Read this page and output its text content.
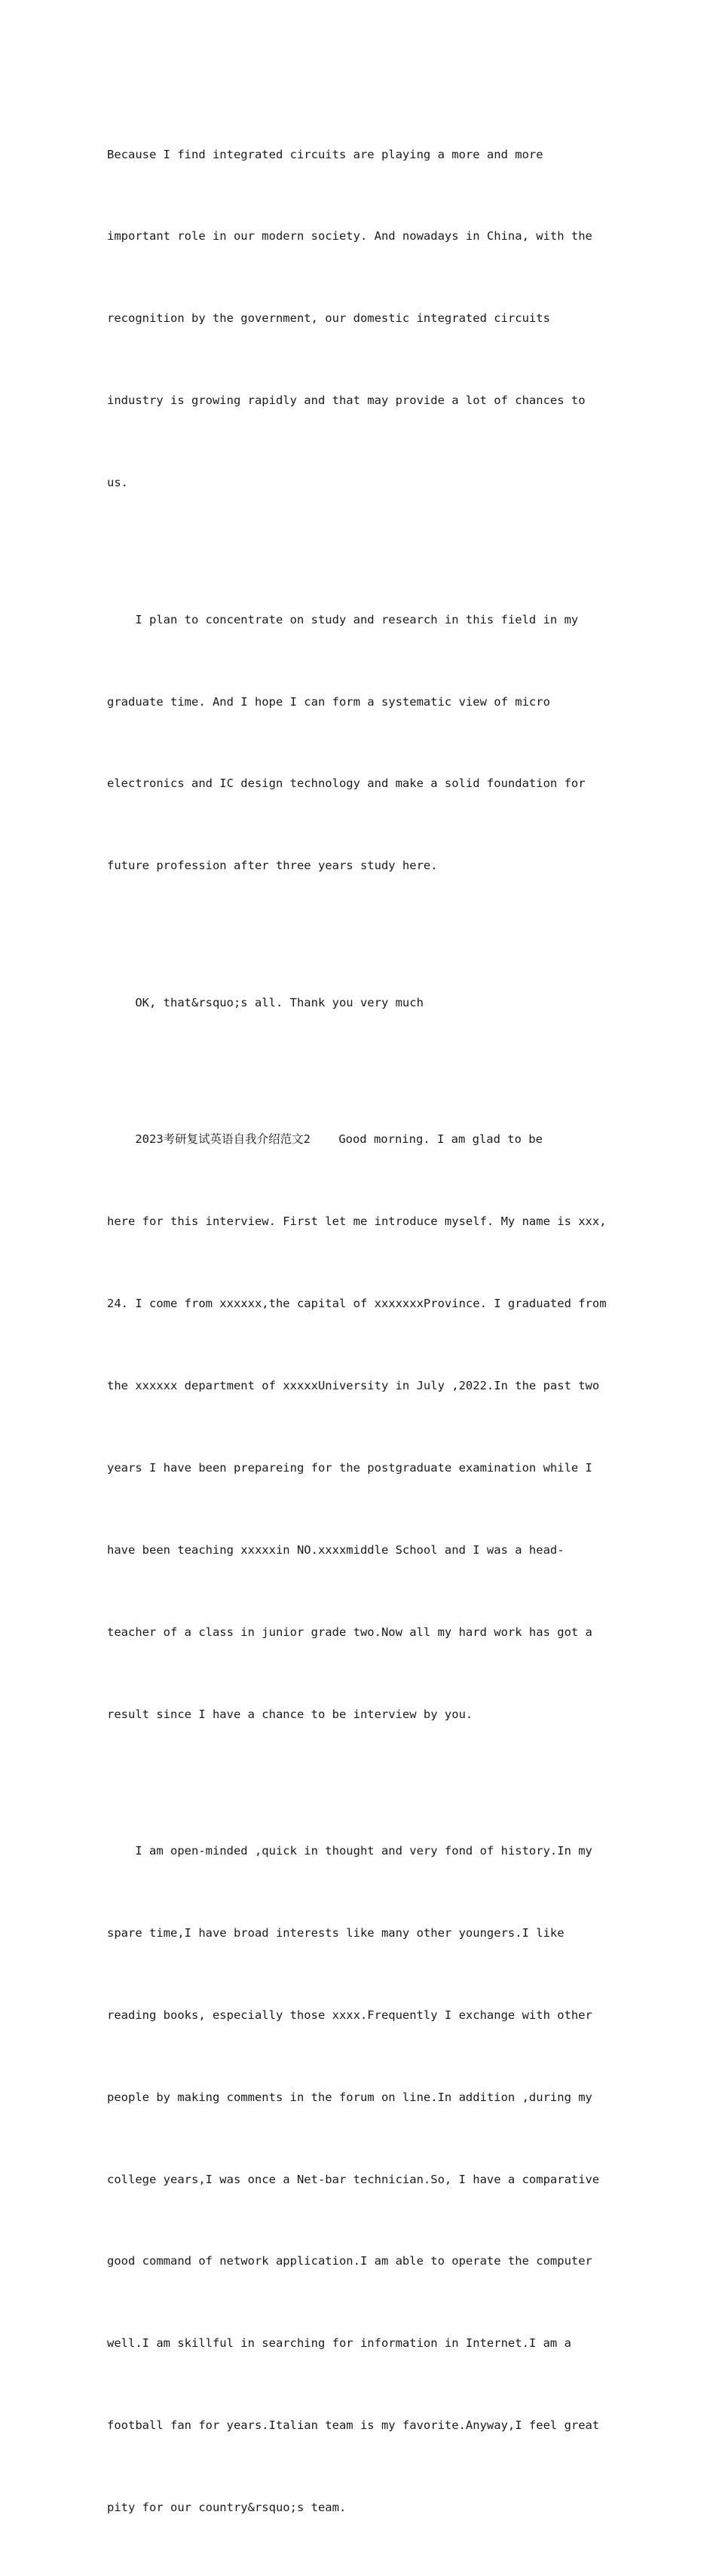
Because I find integrated circuits are playing a more and more

important role in our modern society. And nowadays in China, with the

recognition by the government, our domestic integrated circuits

industry is growing rapidly and that may provide a lot of chances to

us.

I plan to concentrate on study and research in this field in my

graduate time. And I hope I can form a systematic view of micro

electronics and IC design technology and make a solid foundation for

future profession after three years study here.

OK, that&rsquo;s all. Thank you very much

2023考研复试英语自我介绍范文2    Good morning. I am glad to be

here for this interview. First let me introduce myself. My name is xxx,

24. I come from xxxxxx,the capital of xxxxxxxProvince. I graduated from

the xxxxxx department of xxxxxUniversity in July ,2022.In the past two

years I have been prepareing for the postgraduate examination while I

have been teaching xxxxxin NO.xxxxmiddle School and I was a head-

teacher of a class in junior grade two.Now all my hard work has got a

result since I have a chance to be interview by you.

I am open-minded ,quick in thought and very fond of history.In my

spare time,I have broad interests like many other youngers.I like

reading books, especially those xxxx.Frequently I exchange with other

people by making comments in the forum on line.In addition ,during my

college years,I was once a Net-bar technician.So, I have a comparative

good command of network application.I am able to operate the computer

well.I am skillful in searching for information in Internet.I am a

football fan for years.Italian team is my favorite.Anyway,I feel great

pity for our country&rsquo;s team.
